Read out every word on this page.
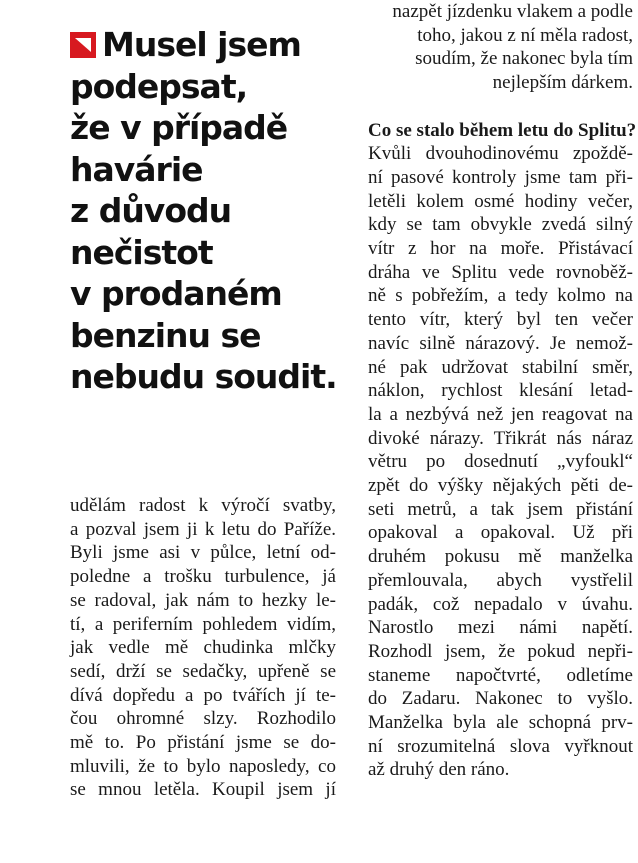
Musel jsem
podepsat,
že v případě
havárie
z důvodu
nečistot
v prodaném
benzinu se
nebudu soudit.
udělám radost k výročí svatby,
a pozval jsem ji k letu do Paříže.
Byli jsme asi v půlce, letní od-
poledne a trošku turbulence, já
se radoval, jak nám to hezky le-
tí, a periferním pohledem vidím,
jak vedle mě chudinka mlčky
sedí, drží se sedačky, upřeně se
dívá dopředu a po tvářích jí te-
čou ohromné slzy. Rozhodilo
mě to. Po přistání jsme se do-
mluvili, že to bylo naposledy, co
se mnou letěla. Koupil jsem jí
nazpět jízdenku vlakem a podle
toho, jakou z ní měla radost,
soudím, že nakonec byla tím
nejlepším dárkem.
Co se stalo během letu do Splitu?
Kvůli dvouhodinovému zpoždě-
ní pasové kontroly jsme tam při-
letěli kolem osmé hodiny večer,
kdy se tam obvykle zvedá silný
vítr z hor na moře. Přistávací
dráha ve Splitu vede rovnoběž-
ně s pobřežím, a tedy kolmo na
tento vítr, který byl ten večer
navíc silně nárazový. Je nemož-
né pak udržovat stabilní směr,
náklon, rychlost klesání letad-
la a nezbývá než jen reagovat na
divoké nárazy. Třikrát nás náraz
větru po dosednutí „vyfoukl“
zpět do výšky nějakých pěti de-
seti metrů, a tak jsem přistání
opakoval a opakoval. Už při
druhém pokusu mě manželka
přemlouvala, abych vystřelil
padák, což nepadalo v úvahu.
Narostlo mezi námi napětí.
Rozhodl jsem, že pokud nepři-
staneme napočtvrté, odletíme
do Zadaru. Nakonec to vyšlo.
Manželka byla ale schopná prv-
ní srozumitelná slova vyřknout
až druhý den ráno.
